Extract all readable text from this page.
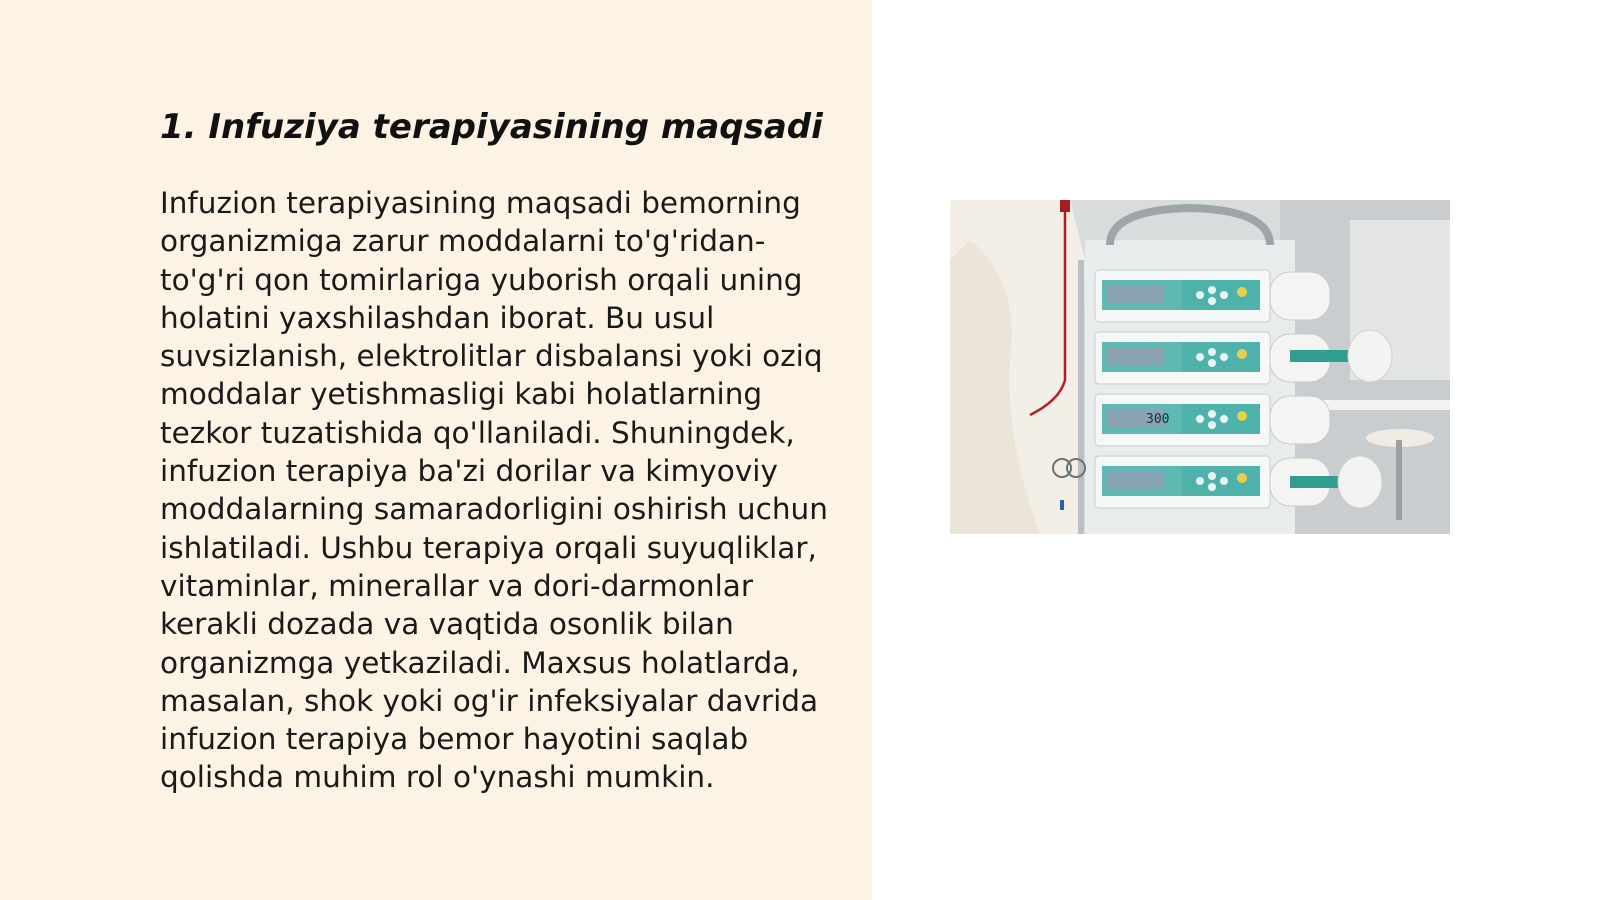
1. Infuziya terapiyasining maqsadi

Infuzion terapiyasining maqsadi bemorning organizmiga zarur moddalarni to'g'ridan-to'g'ri qon tomirlariga yuborish orqali uning holatini yaxshilashdan iborat. Bu usul suvsizlanish, elektrolitlar disbalansi yoki oziq moddalar yetishmasligi kabi holatlarning tezkor tuzatishida qo'llaniladi. Shuningdek, infuzion terapiya ba'zi dorilar va kimyoviy moddalarning samaradorligini oshirish uchun ishlatiladi. Ushbu terapiya orqali suyuqliklar, vitaminlar, minerallar va dori-darmonlar kerakli dozada va vaqtida osonlik bilan organizmga yetkaziladi. Maxsus holatlarda, masalan, shok yoki og'ir infeksiyalar davrida infuzion terapiya bemor hayotini saqlab qolishda muhim rol o'ynashi mumkin.

300
